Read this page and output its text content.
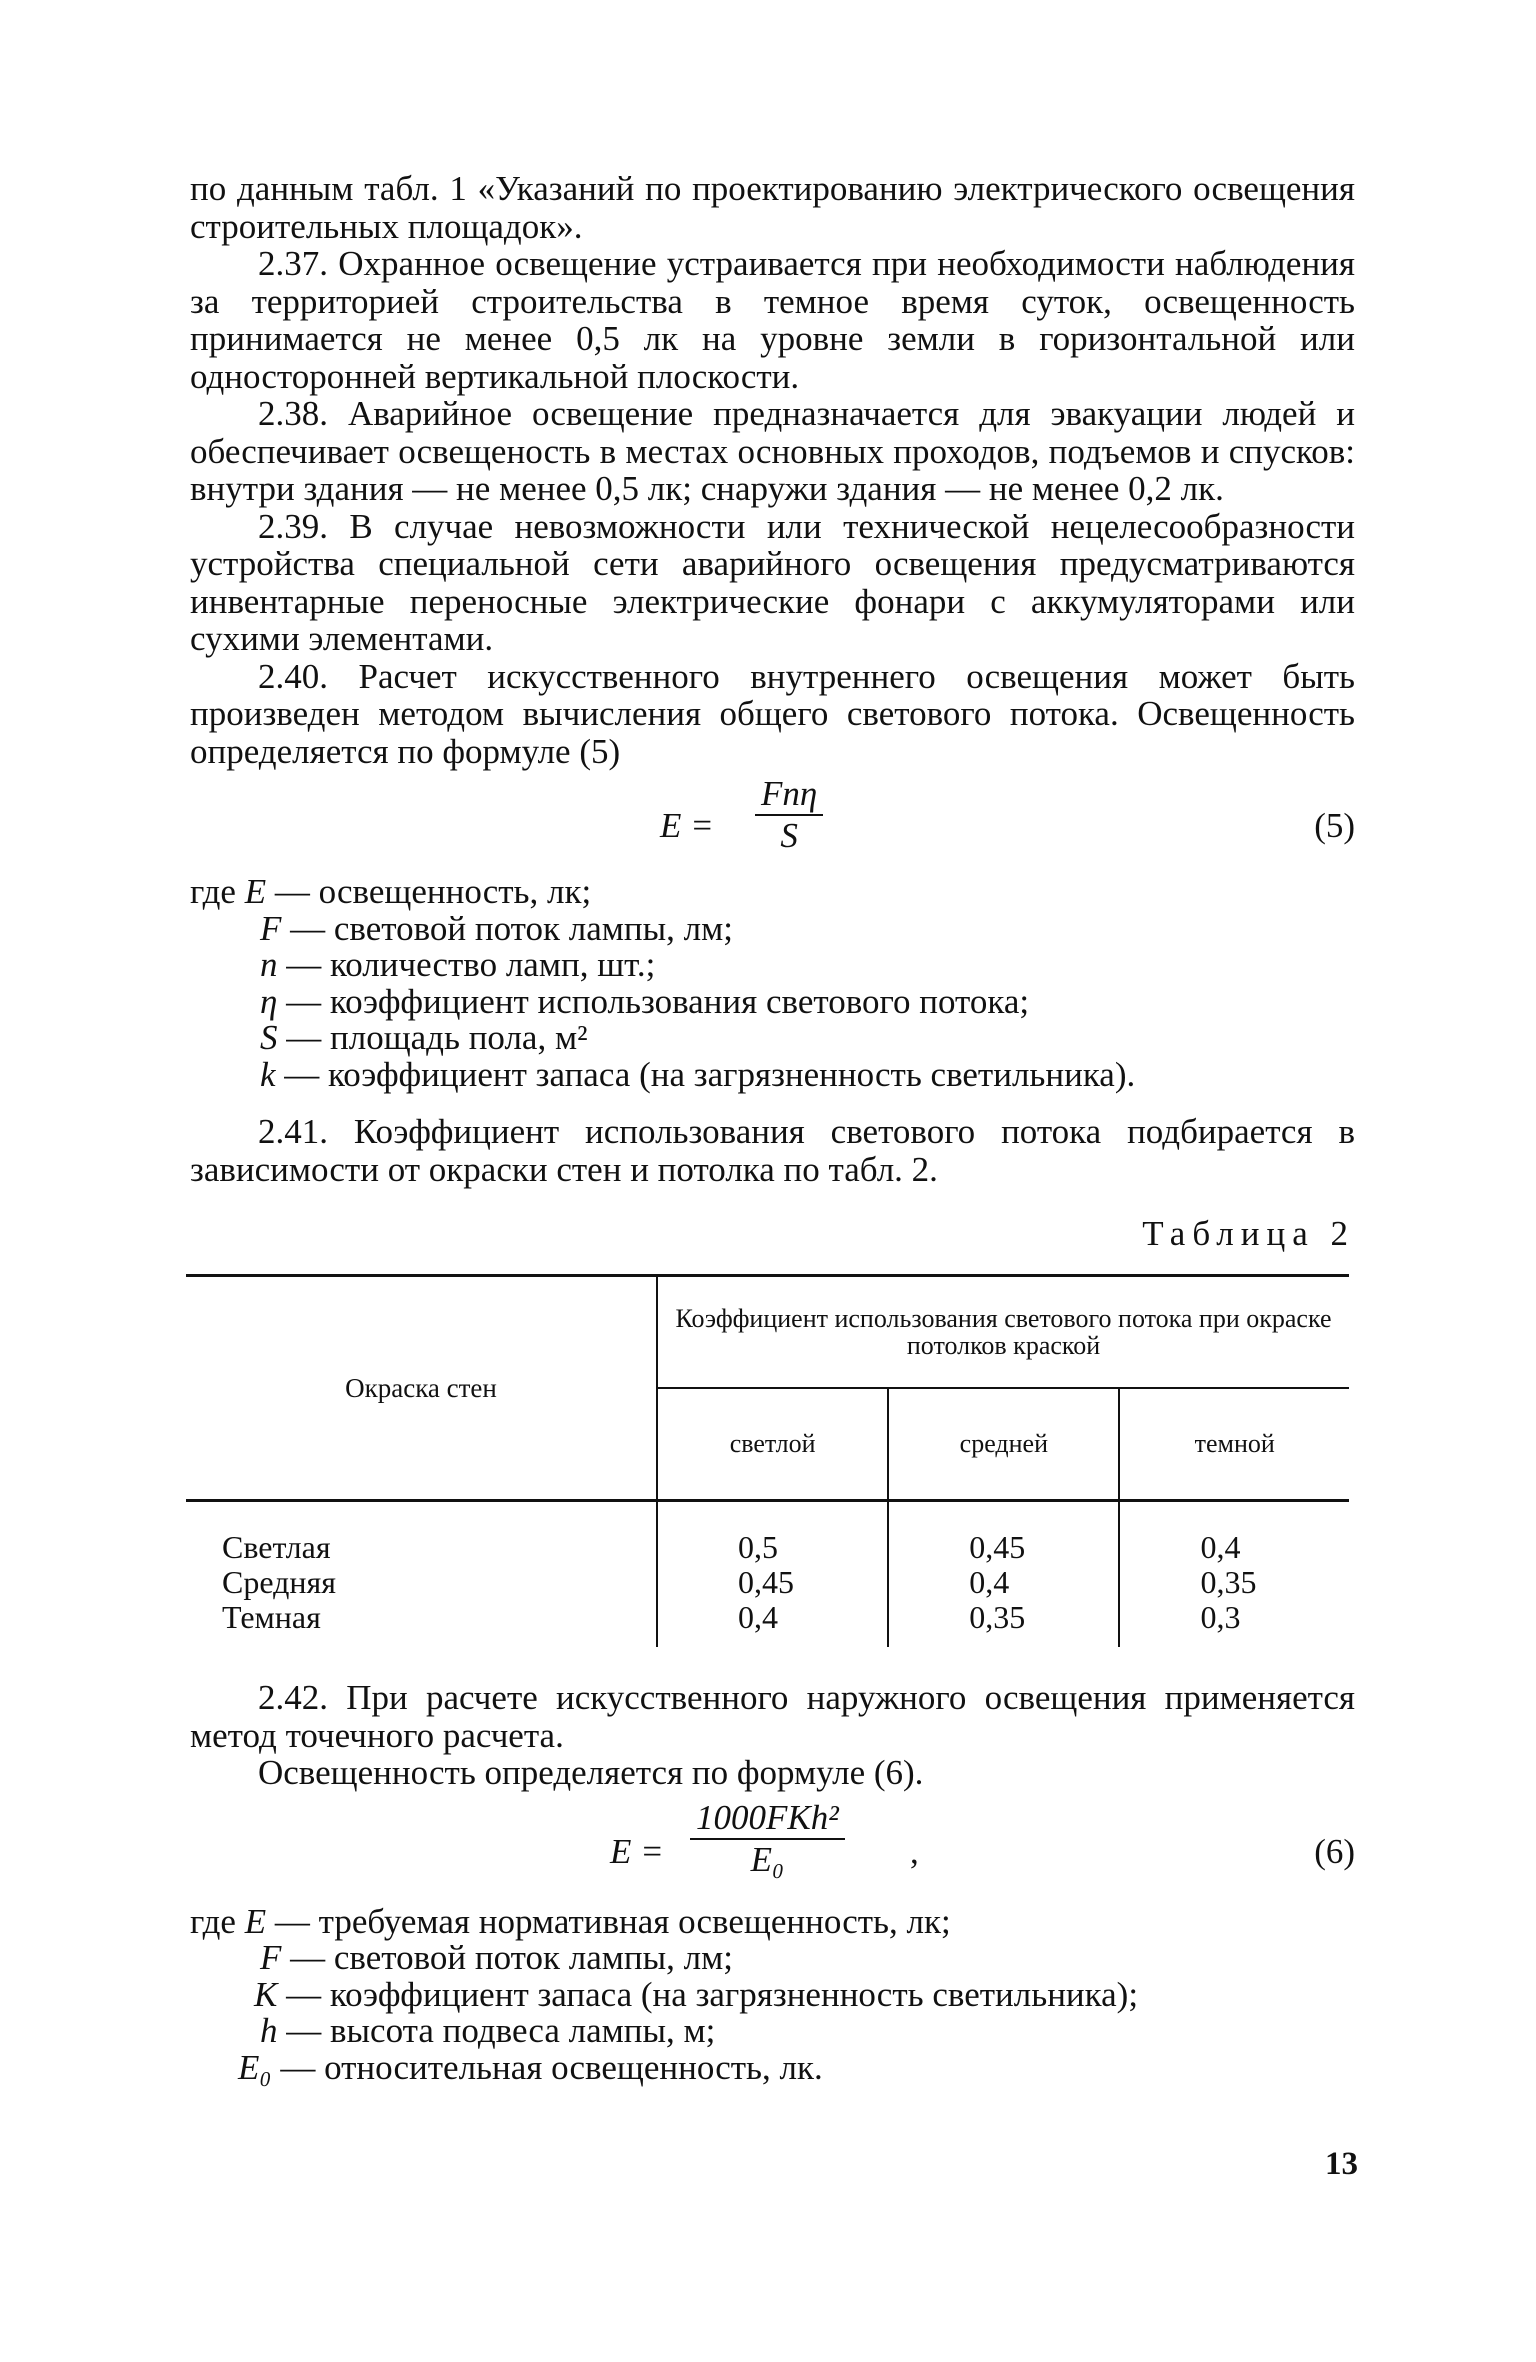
по данным табл. 1 «Указаний по проектированию электрического освещения строительных площадок».

2.37. Охранное освещение устраивается при необходимости наблюдения за территорией строительства в темное время суток, освещенность принимается не менее 0,5 лк на уровне земли в горизонтальной или односторонней вертикальной плоскости.

2.38. Аварийное освещение предназначается для эвакуации людей и обеспечивает освещеность в местах основных проходов, подъемов и спусков: внутри здания — не менее 0,5 лк; снаружи здания — не менее 0,2 лк.

2.39. В случае невозможности или технической нецелесообразности устройства специальной сети аварийного освещения предусматриваются инвентарные переносные электрические фонари с аккумуляторами или сухими элементами.

2.40. Расчет искусственного внутреннего освещения может быть произведен методом вычисления общего светового потока. Освещенность определяется по формуле (5)

E =
Fnη
S	(5)
где E — освещенность, лк;
F — световой поток лампы, лм;
n — количество ламп, шт.;
η — коэффициент использования светового потока;
S — площадь пола, м²
k — коэффициент запаса (на загрязненность светильника).

2.41. Коэффициент использования светового потока подбирается в зависимости от окраски стен и потолка по табл. 2.

Таблица 2
Окраска стен	Коэффициент использования светового потока при окраске потолков краской		
	светлой	средней	темной
Светлая	0,5	0,45	0,4
Средняя	0,45	0,4	0,35
Темная	0,4	0,35	0,3

2.42. При расчете искусственного наружного освещения применяется метод точечного расчета.

Освещенность определяется по формуле (6).

E =
1000FKh²
E₀	,	(6)
где E — требуемая нормативная освещенность, лк;
F — световой поток лампы, лм;
K — коэффициент запаса (на загрязненность светильника);
h — высота подвеса лампы, м;
E₀ — относительная освещенность, лк.
13
